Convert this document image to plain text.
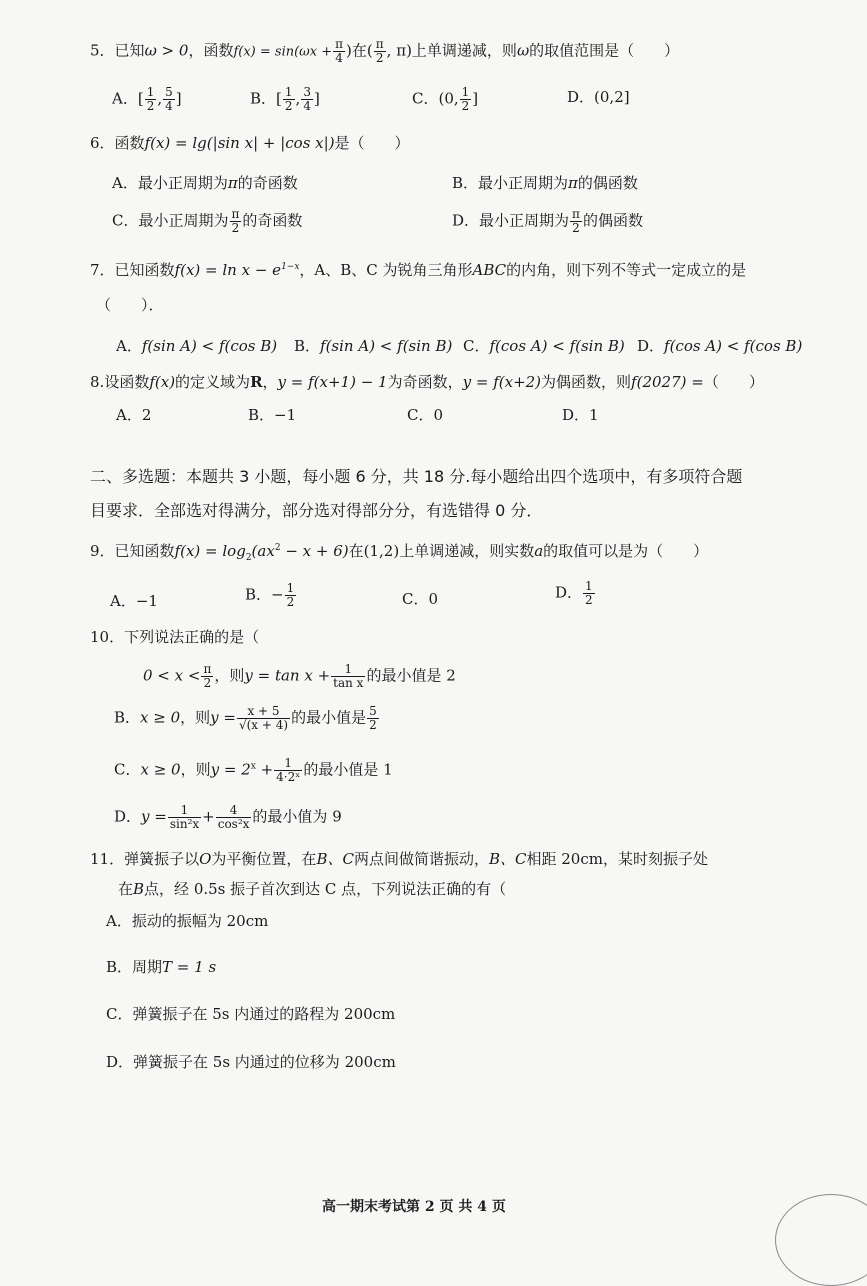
5．已知ω > 0，函数$f(x) = \sin(\omega x + \frac{\pi}{4}$ )在( $\frac{\pi}{2}$ , π)上单调递减，则ω的取值范围是（　　）
A．[ $\frac{1}{2}$ , $\frac{5}{4}$ ]	B．[ $\frac{1}{2}$ , $\frac{3}{4}$ ]	C．(0, $\frac{1}{2}$ ]	D．(0,2]
6．函数f(x) = lg(|sin x| + |cos x|)是（　　）
A．最小正周期为π的奇函数	B．最小正周期为π的偶函数
C．最小正周期为 $\frac{\pi}{2}$ 的奇函数	D．最小正周期为 $\frac{\pi}{2}$ 的偶函数
7．已知函数$f(x) = \ln x - e^{1-x}$，A、B、C 为锐角三角形ABC的内角，则下列不等式一定成立的是
（　　）．
A．f(sin A) < f(cos B) B．f(sin A) < f(sin B) C．f(cos A) < f(sin B) D．f(cos A) < f(cos B)
8.设函数f(x)的定义域为R，y = f(x+1) − 1为奇函数，y = f(x+2)为偶函数，则f(2027) =（　　）
A．2	B．−1	C．0	D．1
二、多选题：本题共 3 小题，每小题 6 分，共 18 分.每小题给出四个选项中，有多项符合题
目要求．全部选对得满分，部分选对得部分分，有选错得 0 分．
9．已知函数$f(x) = \log_2(ax^2 - x + 6)$在(1,2)上单调递减，则实数a的取值可以是为（　　）
A．−1	B．− $\frac{1}{2}$	C．0	D． $\frac{1}{2}$
10．下列说法正确的是（
$0 < x < \frac{\pi}{2}$ ，则$y = \tan x + \frac{1}{\text{tan x}}$ 的最小值是 2
B．x ≥ 0，则$y = \frac{x + 5}{√(x + 4)}$ 的最小值是 $\frac{5}{2}$
C．x ≥ 0，则$y = 2^x + \frac{1}{\text{4·2ˣ}}$ 的最小值是 1
D．$y = \frac{1}{\text{sin²x}} + \frac{4}{\text{cos²x}}$ 的最小值为 9
11．弹簧振子以O为平衡位置，在B、C两点间做简谐振动，B、C相距 20cm，某时刻振子处
在B点，经 0.5s 振子首次到达 C 点，下列说法正确的有（
A．振动的振幅为 20cm
B．周期T = 1 s
C．弹簧振子在 5s 内通过的路程为 200cm
D．弹簧振子在 5s 内通过的位移为 200cm
高一期末考试第 2 页 共 4 页
